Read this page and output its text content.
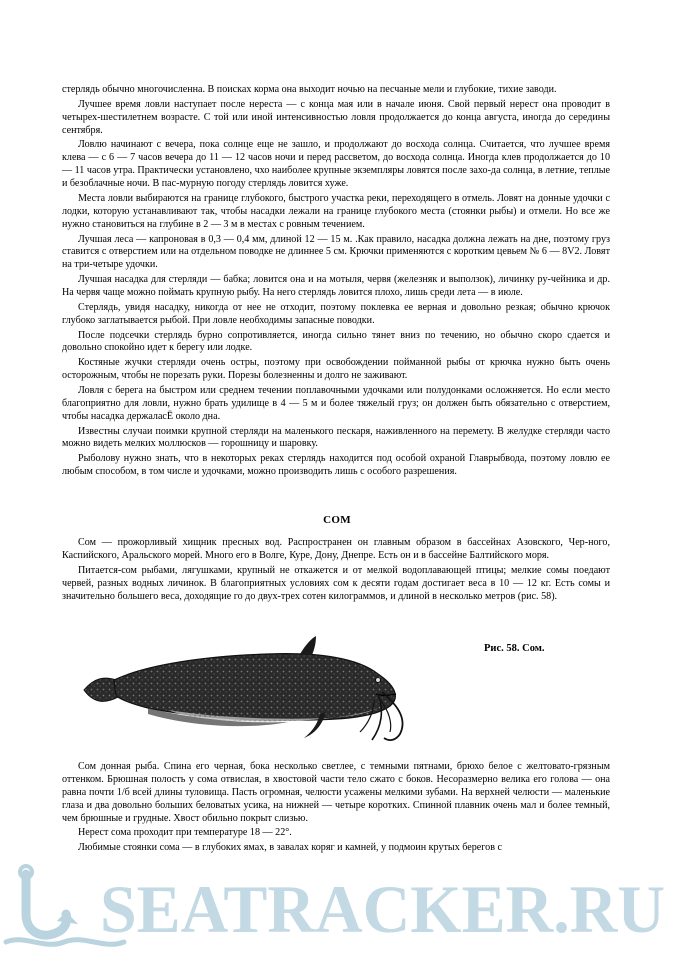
стерлядь обычно многочисленна. В поисках корма она выходит ночью на песчаные мели и глубокие, тихие заводи.

Лучшее время ловли наступает после нереста — с конца мая или в начале июня. Свой первый нерест она проводит в четырех-шестилетнем возрасте. С той или иной интенсивностью ловля продолжается до конца августа, иногда до середины сентября.

Ловлю начинают с вечера, пока солнце еще не зашло, и продолжают до восхода солнца. Считается, что лучшее время клева — с 6 — 7 часов вечера до 11 — 12 часов ночи и перед рассветом, до восхода солнца. Иногда клев продолжается до 10 — 11 часов утра. Практически установлено, чхо наиболее крупные экземпляры ловятся после захо-да солнца, в летние, теплые и безоблачные ночи. В пас-мурную погоду стерлядь ловится хуже.

Места ловли выбираются на границе глубокого, быстрого участка реки, переходящего в отмель. Ловят на донные удочки с лодки, которую устанавливают так, чтобы насадки лежали на границе глубокого места (стоянки рыбы) и отмели. Но все же нужно становиться на глубине в 2 — 3 м в местах с ровным течением.

Лучшая леса — капроновая в 0,3 — 0,4 мм, длиной 12 — 15 м. .Как правило, насадка должна лежать на дне, поэтому груз ставится с отверстием или на отдельном поводке не длиннее 5 см. Крючки применяются с коротким цевьем № 6 — 8V2. Ловят на три-четыре удочки.

Лучшая насадка для стерляди — бабка; ловится она и на мотыля, червя (железняк и выползок), личинку ру-чейника и др. На червя чаще можно поймать крупную рыбу. На него стерлядь ловится плохо, лишь среди лета — в июле.

Стерлядь, увидя насадку, никогда от нее не отходит, поэтому поклевка ее верная и довольно резкая; обычно крючок глубоко заглатывается рыбой. При ловле необходимы запасные поводки.

После подсечки стерлядь бурно сопротивляется, иногда сильно тянет вниз по течению, но обычно скоро сдается и довольно спокойно идет к берегу или лодке.

Костяные жучки стерляди очень остры, поэтому при освобождении пойманной рыбы от крючка нужно быть очень осторожным, чтобы не порезать руки. Порезы болезненны и долго не заживают.

Ловля с берега на быстром или среднем течении поплавочными удочками или полудонками осложняется. Но если место благоприятно для ловли, нужно брать удилище в 4 — 5 м и более тяжелый груз; он должен быть обязательно с отверстием, чтобы насадка держаласЁ около дна.

Известны случаи поимки крупной стерляди на маленького пескаря, наживленного на перемету. В желудке стерляди часто можно видеть мелких моллюсков — горошницу и шаровку.

Рыболову нужно знать, что в некоторых реках стерлядь находится под особой охраной Главрыбвода, поэтому ловлю ее любым способом, в том числе и удочками, можно производить лишь с особого разрешения.

СОМ

Сом — прожорливый хищник пресных вод. Распространен он главным образом в бассейнах Азовского, Чер-ного, Каспийского, Аральского морей. Много его в Волге, Куре, Дону, Днепре. Есть он и в бассейне Балтийского моря.

Питается-сом рыбами, лягушками, крупный не откажется и от мелкой водоплавающей птицы; мелкие сомы поедают червей, разных водных личинок. В благоприятных условиях сом к десяти годам достигает веса в 10 — 12 кг. Есть сомы и значительно большего веса, доходящие го до двух-трех сотен килограммов, и длиной в несколько метров (рис. 58).

Рис. 58. Сом.

Сом донная рыба. Спина его черная, бока несколько светлее, с темными пятнами, брюхо белое с желтовато-грязным оттенком. Брюшная полость у сома отвислая, в хвостовой части тело сжато с боков. Несоразмерно велика его голова — она равна почти 1/б всей длины туловища. Пасть огромная, челюсти усажены мелкими зубами. На верхней челюсти — маленькие глаза и два довольно больших беловатых усика, на нижней — четыре коротких. Спинной плавник очень мал и более темный, чем брюшные и грудные. Хвост обильно покрыт слизью.

Нерест сома проходит при температуре 18 — 22°.

Любимые стоянки сома — в глубоких ямах, в завалах коряг и камней, у подмоин крутых берегов с

SEATRACKER.RU
